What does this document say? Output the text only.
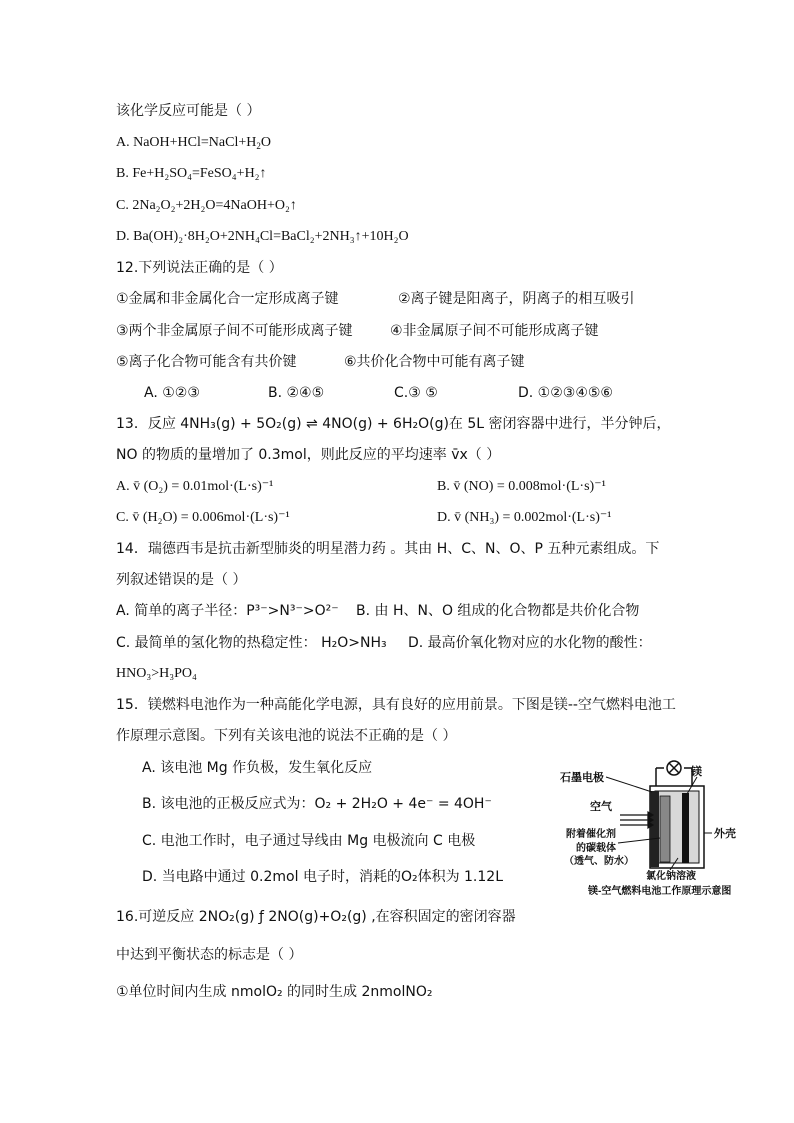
该化学反应可能是（ ）
A. $NaOH+HCl=NaCl+H_2O$
B. Fe+H₂SO₄=FeSO₄+H₂↑
C. 2Na₂O₂+2H₂O=4NaOH+O₂↑
D. Ba(OH)₂·8H₂O+2NH₄Cl=BaCl₂+2NH₃↑+10H₂O
12.下列说法正确的是（ ）
①金属和非金属化合一定形成离子键	②离子键是阳离子，阴离子的相互吸引
③两个非金属原子间不可能形成离子键	④非金属原子间不可能形成离子键
⑤离子化合物可能含有共价键	⑥共价化合物中可能有离子键
A. ①②③	B. ②④⑤	C.③ ⑤	D. ①②③④⑤⑥
13．反应 4NH₃(g) + 5O₂(g) ⇌ 4NO(g) + 6H₂O(g)在 5L 密闭容器中进行，半分钟后，
NO 的物质的量增加了 0.3mol，则此反应的平均速率 v̄x（ ）
A. v̄ (O₂) = 0.01mol·(L·s)⁻¹	B. v̄ (NO) = 0.008mol·(L·s)⁻¹
C. v̄ (H₂O) = 0.006mol·(L·s)⁻¹	D. v̄ (NH₃) = 0.002mol·(L·s)⁻¹
14．瑞德西韦是抗击新型肺炎的明星潜力药 。其由 H、C、N、O、P 五种元素组成。下
列叙述错误的是（ ）
A. 简单的离子半径：P³⁻>N³⁻>O²⁻ B. 由 H、N、O 组成的化合物都是共价化合物
C. 最简单的氢化物的热稳定性： H₂O>NH₃ D. 最高价氧化物对应的水化物的酸性：
HNO₃>H₃PO₄
15．镁燃料电池作为一种高能化学电源，具有良好的应用前景。下图是镁--空气燃料电池工
作原理示意图。下列有关该电池的说法不正确的是（ ）
A. 该电池 Mg 作负极，发生氧化反应
B. 该电池的正极反应式为：O₂ + 2H₂O + 4e⁻ = 4OH⁻
C. 电池工作时，电子通过导线由 Mg 电极流向 C 电极
D. 当电路中通过 0.2mol 电子时，消耗的O₂体积为 1.12L
石墨电极	镁
空气
外壳
附着催化剂
的碳载体
（透气、防水）
氯化钠溶液
镁-空气燃料电池工作原理示意图
16.可逆反应 2NO₂(g) ƒ 2NO(g)+O₂(g) ,在容积固定的密闭容器
中达到平衡状态的标志是（ ）
①单位时间内生成 nmolO₂ 的同时生成 2nmolNO₂
